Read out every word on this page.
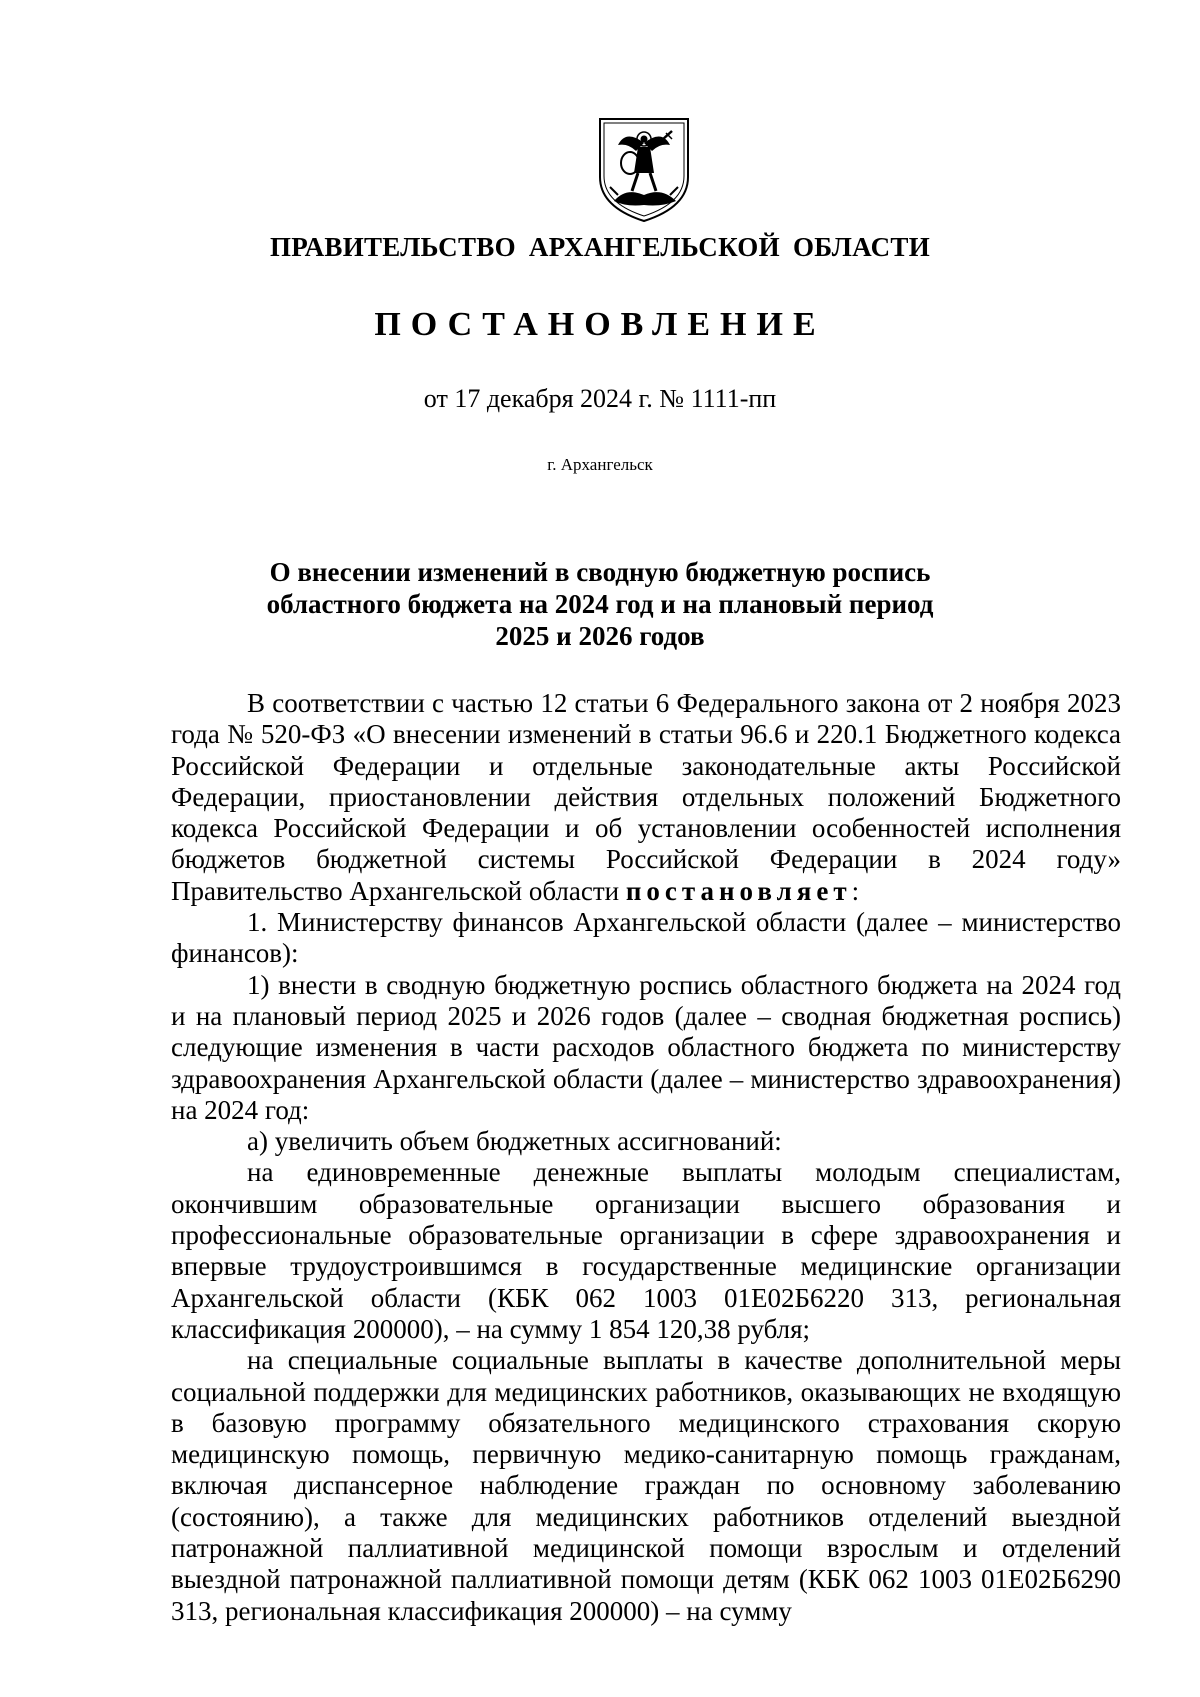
ПРАВИТЕЛЬСТВО АРХАНГЕЛЬСКОЙ ОБЛАСТИ
ПОСТАНОВЛЕНИЕ
от 17 декабря 2024 г. № 1111-пп
г. Архангельск
О внесении изменений в сводную бюджетную роспись
областного бюджета на 2024 год и на плановый период
2025 и 2026 годов

В соответствии с частью 12 статьи 6 Федерального закона от 2 ноября 2023 года № 520-ФЗ «О внесении изменений в статьи 96.6 и 220.1 Бюджетного кодекса Российской Федерации и отдельные законодательные акты Российской Федерации, приостановлении действия отдельных положений Бюджетного кодекса Российской Федерации и об установлении особенностей исполнения бюджетов бюджетной системы Российской Федерации в 2024 году» Правительство Архангельской области постановляет:

1. Министерству финансов Архангельской области (далее – министерство финансов):

1) внести в сводную бюджетную роспись областного бюджета на 2024 год и на плановый период 2025 и 2026 годов (далее – сводная бюджетная роспись) следующие изменения в части расходов областного бюджета по министерству здравоохранения Архангельской области (далее – министерство здравоохранения) на 2024 год:

а) увеличить объем бюджетных ассигнований:

на единовременные денежные выплаты молодым специалистам, окончившим образовательные организации высшего образования и профессиональные образовательные организации в сфере здравоохранения и впервые трудоустроившимся в государственные медицинские организации Архангельской области (КБК 062 1003 01Е02Б6220 313, региональная классификация 200000), – на сумму 1 854 120,38 рубля;

на специальные социальные выплаты в качестве дополнительной меры социальной поддержки для медицинских работников, оказывающих не входящую в базовую программу обязательного медицинского страхования скорую медицинскую помощь, первичную медико-санитарную помощь гражданам, включая диспансерное наблюдение граждан по основному заболеванию (состоянию), а также для медицинских работников отделений выездной патронажной паллиативной медицинской помощи взрослым и отделений выездной патронажной паллиативной помощи детям (КБК 062 1003 01Е02Б6290 313, региональная классификация 200000) – на сумму
